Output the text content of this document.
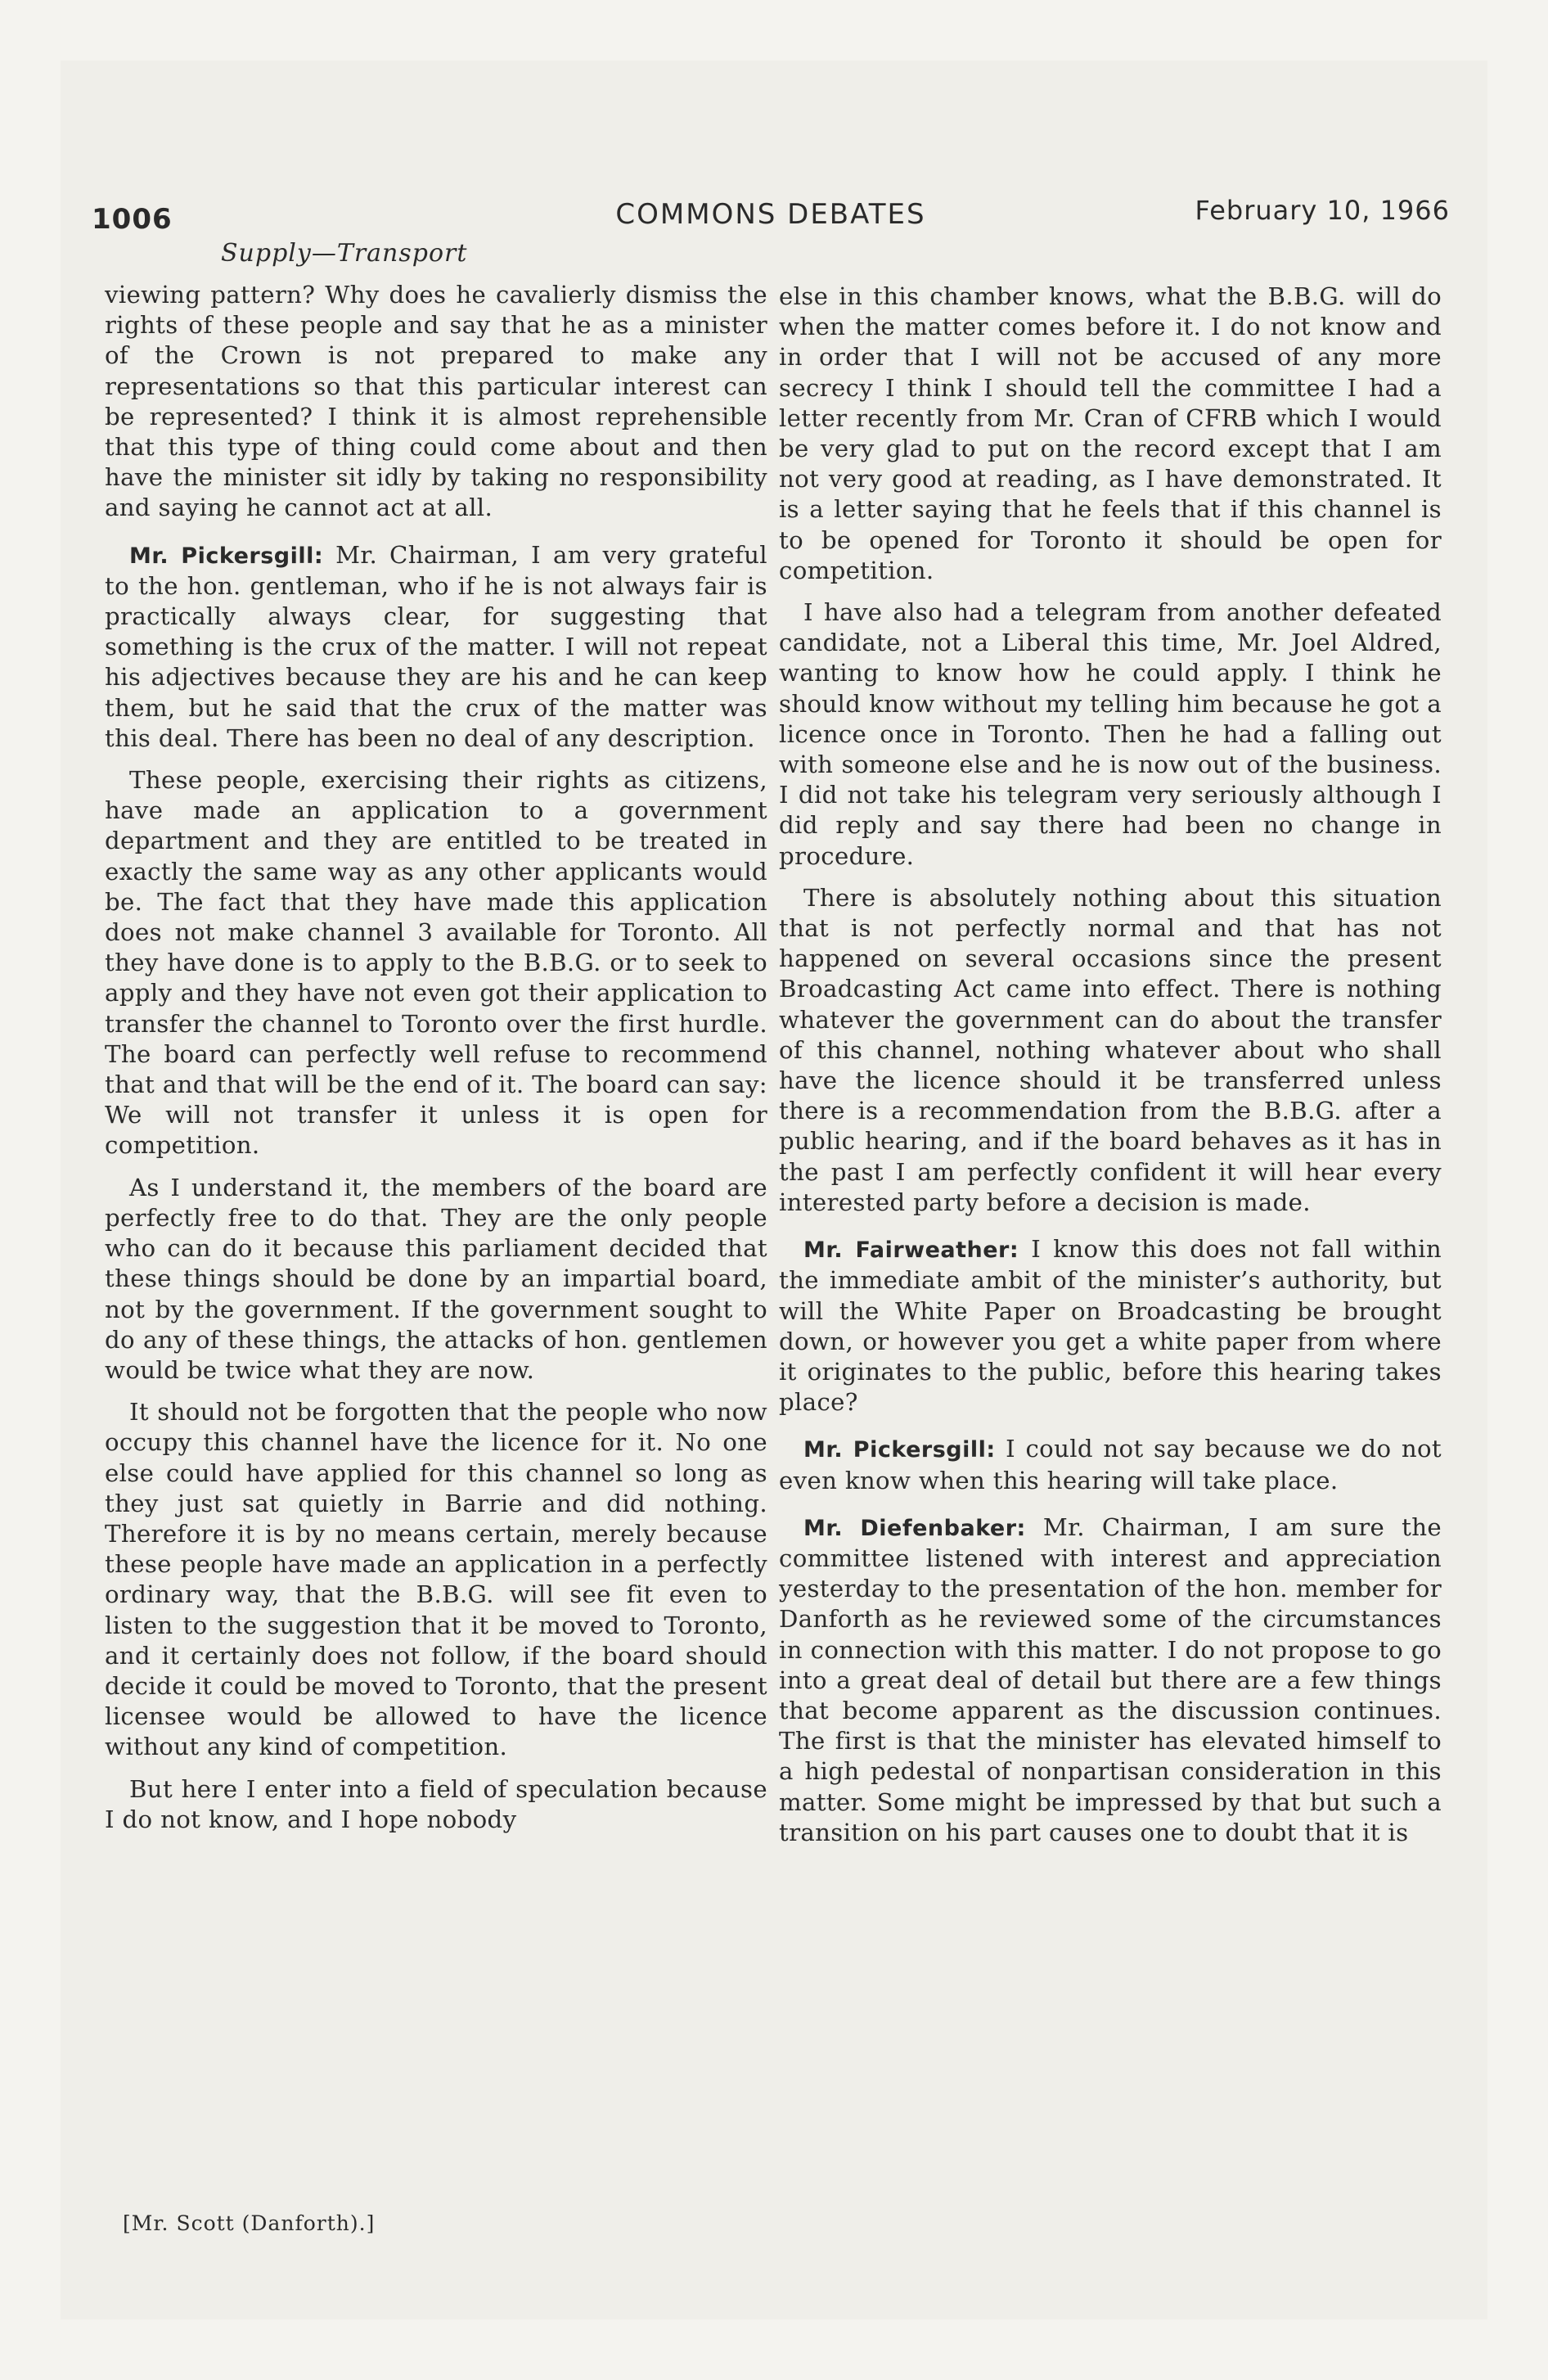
1006	COMMONS DEBATES	February 10, 1966
Supply—Transport

viewing pattern? Why does he cavalierly dismiss the rights of these people and say that he as a minister of the Crown is not prepared to make any representations so that this particular interest can be represented? I think it is almost reprehensible that this type of thing could come about and then have the minister sit idly by taking no responsibility and saying he cannot act at all.

Mr. Pickersgill: Mr. Chairman, I am very grateful to the hon. gentleman, who if he is not always fair is practically always clear, for suggesting that something is the crux of the matter. I will not repeat his adjectives because they are his and he can keep them, but he said that the crux of the matter was this deal. There has been no deal of any description.

These people, exercising their rights as citizens, have made an application to a government department and they are entitled to be treated in exactly the same way as any other applicants would be. The fact that they have made this application does not make channel 3 available for Toronto. All they have done is to apply to the B.B.G. or to seek to apply and they have not even got their application to transfer the channel to Toronto over the first hurdle. The board can perfectly well refuse to recommend that and that will be the end of it. The board can say: We will not transfer it unless it is open for competition.

As I understand it, the members of the board are perfectly free to do that. They are the only people who can do it because this parliament decided that these things should be done by an impartial board, not by the government. If the government sought to do any of these things, the attacks of hon. gentlemen would be twice what they are now.

It should not be forgotten that the people who now occupy this channel have the licence for it. No one else could have applied for this channel so long as they just sat quietly in Barrie and did nothing. Therefore it is by no means certain, merely because these people have made an application in a perfectly ordinary way, that the B.B.G. will see fit even to listen to the suggestion that it be moved to Toronto, and it certainly does not follow, if the board should decide it could be moved to Toronto, that the present licensee would be allowed to have the licence without any kind of competition.

But here I enter into a field of speculation because I do not know, and I hope nobody

else in this chamber knows, what the B.B.G. will do when the matter comes before it. I do not know and in order that I will not be accused of any more secrecy I think I should tell the committee I had a letter recently from Mr. Cran of CFRB which I would be very glad to put on the record except that I am not very good at reading, as I have demonstrated. It is a letter saying that he feels that if this channel is to be opened for Toronto it should be open for competition.

I have also had a telegram from another defeated candidate, not a Liberal this time, Mr. Joel Aldred, wanting to know how he could apply. I think he should know without my telling him because he got a licence once in Toronto. Then he had a falling out with someone else and he is now out of the business. I did not take his telegram very seriously although I did reply and say there had been no change in procedure.

There is absolutely nothing about this situation that is not perfectly normal and that has not happened on several occasions since the present Broadcasting Act came into effect. There is nothing whatever the government can do about the transfer of this channel, nothing whatever about who shall have the licence should it be transferred unless there is a recommendation from the B.B.G. after a public hearing, and if the board behaves as it has in the past I am perfectly confident it will hear every interested party before a decision is made.

Mr. Fairweather: I know this does not fall within the immediate ambit of the minister’s authority, but will the White Paper on Broadcasting be brought down, or however you get a white paper from where it originates to the public, before this hearing takes place?

Mr. Pickersgill: I could not say because we do not even know when this hearing will take place.

Mr. Diefenbaker: Mr. Chairman, I am sure the committee listened with interest and appreciation yesterday to the presentation of the hon. member for Danforth as he reviewed some of the circumstances in connection with this matter. I do not propose to go into a great deal of detail but there are a few things that become apparent as the discussion continues. The first is that the minister has elevated himself to a high pedestal of nonpartisan consideration in this matter. Some might be impressed by that but such a transition on his part causes one to doubt that it is

[Mr. Scott (Danforth).]
